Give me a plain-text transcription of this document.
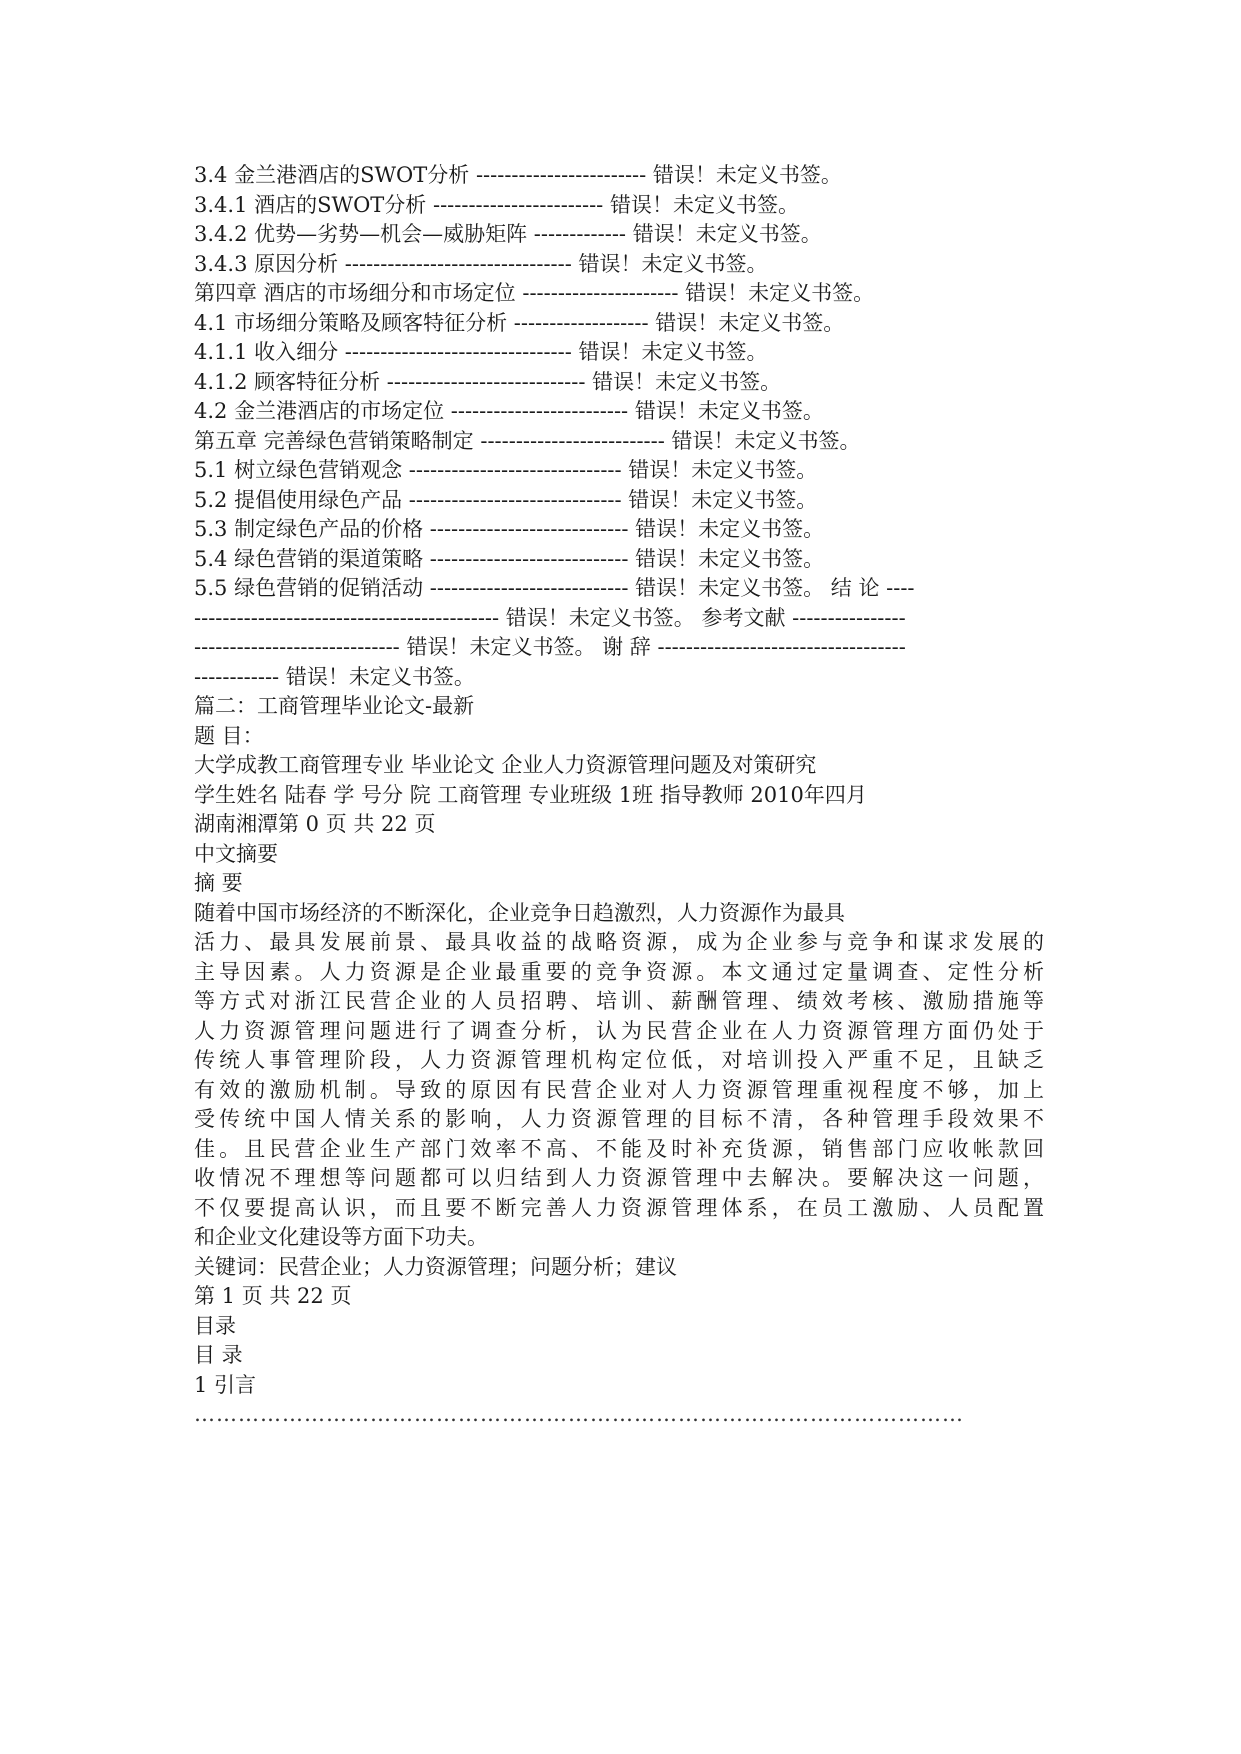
3.4 金兰港酒店的SWOT分析 ------------------------ 错误！未定义书签。
3.4.1 酒店的SWOT分析 ------------------------ 错误！未定义书签。
3.4.2 优势—劣势—机会—威胁矩阵 ------------- 错误！未定义书签。
3.4.3 原因分析 -------------------------------- 错误！未定义书签。
第四章 酒店的市场细分和市场定位 ---------------------- 错误！未定义书签。
4.1 市场细分策略及顾客特征分析 ------------------- 错误！未定义书签。
4.1.1 收入细分 -------------------------------- 错误！未定义书签。
4.1.2 顾客特征分析 ---------------------------- 错误！未定义书签。
4.2 金兰港酒店的市场定位 ------------------------- 错误！未定义书签。
第五章 完善绿色营销策略制定 -------------------------- 错误！未定义书签。
5.1 树立绿色营销观念 ------------------------------ 错误！未定义书签。
5.2 提倡使用绿色产品 ------------------------------ 错误！未定义书签。
5.3 制定绿色产品的价格 ---------------------------- 错误！未定义书签。
5.4 绿色营销的渠道策略 ---------------------------- 错误！未定义书签。
5.5 绿色营销的促销活动 ---------------------------- 错误！未定义书签。 结 论 ----
------------------------------------------- 错误！未定义书签。 参考文献 ----------------
----------------------------- 错误！未定义书签。 谢 辞 -----------------------------------
------------ 错误！未定义书签。
篇二：工商管理毕业论文-最新
题 目：
大学成教工商管理专业 毕业论文 企业人力资源管理问题及对策研究
学生姓名 陆春 学 号分 院 工商管理 专业班级 1班 指导教师 2010年四月
湖南湘潭第 0 页 共 22 页
中文摘要
摘 要
随着中国市场经济的不断深化，企业竞争日趋激烈，人力资源作为最具
活力、最具发展前景、最具收益的战略资源，成为企业参与竞争和谋求发展的
主导因素。人力资源是企业最重要的竞争资源。本文通过定量调查、定性分析
等方式对浙江民营企业的人员招聘、培训、薪酬管理、绩效考核、激励措施等
人力资源管理问题进行了调查分析，认为民营企业在人力资源管理方面仍处于
传统人事管理阶段，人力资源管理机构定位低，对培训投入严重不足，且缺乏
有效的激励机制。导致的原因有民营企业对人力资源管理重视程度不够，加上
受传统中国人情关系的影响，人力资源管理的目标不清，各种管理手段效果不
佳。且民营企业生产部门效率不高、不能及时补充货源，销售部门应收帐款回
收情况不理想等问题都可以归结到人力资源管理中去解决。要解决这一问题，
不仅要提高认识，而且要不断完善人力资源管理体系，在员工激励、人员配置
和企业文化建设等方面下功夫。
关键词：民营企业；人力资源管理；问题分析；建议
第 1 页 共 22 页
目录
目 录
1 引言
……………………………………………………………………………………………
